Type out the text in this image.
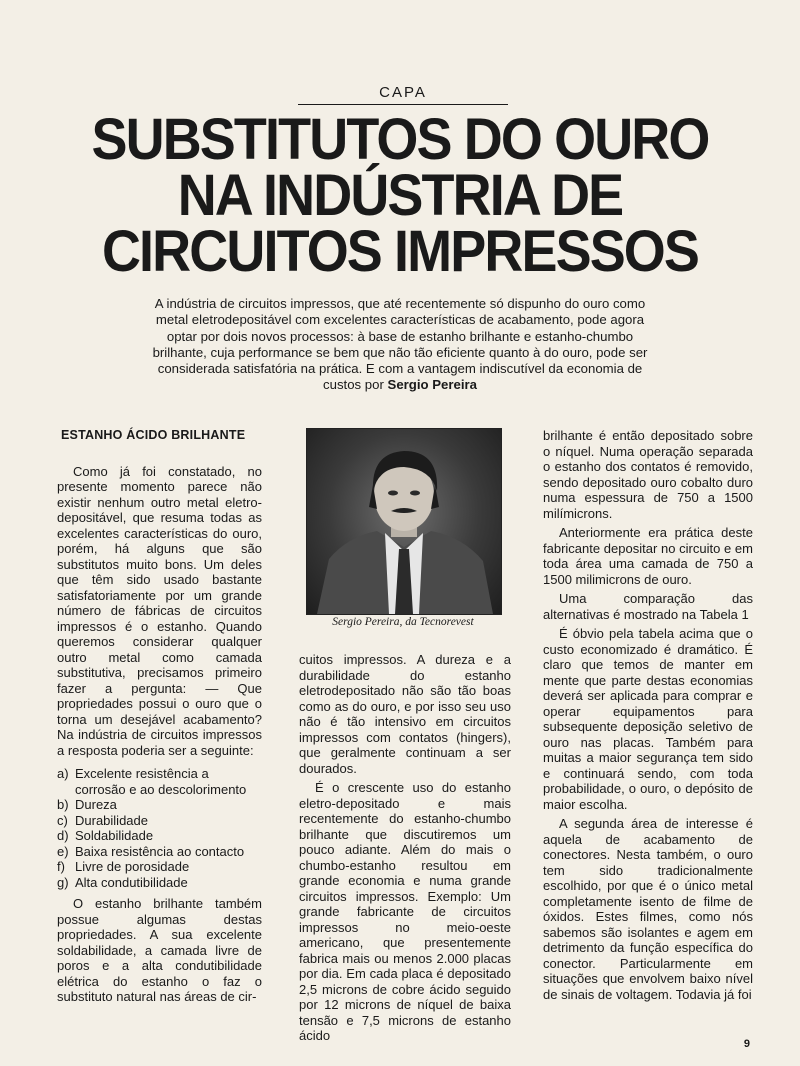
CAPA
SUBSTITUTOS DO OURO
NA INDÚSTRIA DE
CIRCUITOS IMPRESSOS
A indústria de circuitos impressos, que até recentemente só dispunho do ouro como metal eletrodepositável com excelentes características de acabamento, pode agora optar por dois novos processos: à base de estanho brilhante e estanho-chumbo brilhante, cuja performance se bem que não tão eficiente quanto à do ouro, pode ser considerada satisfatória na prática. E com a vantagem indiscutível da economia de custos por Sergio Pereira
ESTANHO ÁCIDO BRILHANTE

Como já foi constatado, no presente momento parece não existir nenhum outro metal eletro-depositável, que resuma todas as excelentes características do ouro, porém, há alguns que são substitutos muito bons. Um deles que têm sido usado bastante satisfatoriamente por um grande número de fábricas de circuitos impressos é o estanho. Quando queremos considerar qualquer outro metal como camada substitutiva, precisamos primeiro fazer a pergunta: — Que propriedades possui o ouro que o torna um desejável acabamento? Na indústria de circuitos impressos a resposta poderia ser a seguinte:

a) Excelente resistência a corrosão e ao descolorimento
b) Dureza
c) Durabilidade
d) Soldabilidade
e) Baixa resistência ao contacto
f) Livre de porosidade
g) Alta condutibilidade

O estanho brilhante também possue algumas destas propriedades. A sua excelente soldabilidade, a camada livre de poros e a alta condutibilidade elétrica do estanho o faz o substituto natural nas áreas de cir-

Sergio Pereira, da Tecnorevest

cuitos impressos. A dureza e a durabilidade do estanho eletrodepositado não são tão boas como as do ouro, e por isso seu uso não é tão intensivo em circuitos impressos com contatos (hingers), que geralmente continuam a ser dourados.

É o crescente uso do estanho eletro-depositado e mais recentemente do estanho-chumbo brilhante que discutiremos um pouco adiante. Além do mais o chumbo-estanho resultou em grande economia e numa grande circuitos impressos. Exemplo: Um grande fabricante de circuitos impressos no meio-oeste americano, que presentemente fabrica mais ou menos 2.000 placas por dia. Em cada placa é depositado 2,5 microns de cobre ácido seguido por 12 microns de níquel de baixa tensão e 7,5 microns de estanho ácido

brilhante é então depositado sobre o níquel. Numa operação separada o estanho dos contatos é removido, sendo depositado ouro cobalto duro numa espessura de 750 a 1500 milímicrons.

Anteriormente era prática deste fabricante depositar no circuito e em toda área uma camada de 750 a 1500 milimicrons de ouro.

Uma comparação das alternativas é mostrado na Tabela 1

É óbvio pela tabela acima que o custo economizado é dramático. É claro que temos de manter em mente que parte destas economias deverá ser aplicada para comprar e operar equipamentos para subsequente deposição seletivo de ouro nas placas. Também para muitas a maior segurança tem sido e continuará sendo, com toda probabilidade, o ouro, o depósito de maior escolha.

A segunda área de interesse é aquela de acabamento de conectores. Nesta também, o ouro tem sido tradicionalmente escolhido, por que é o único metal completamente isento de filme de óxidos. Estes filmes, como nós sabemos são isolantes e agem em detrimento da função específica do conector. Particularmente em situações que envolvem baixo nível de sinais de voltagem. Todavia já foi

9
